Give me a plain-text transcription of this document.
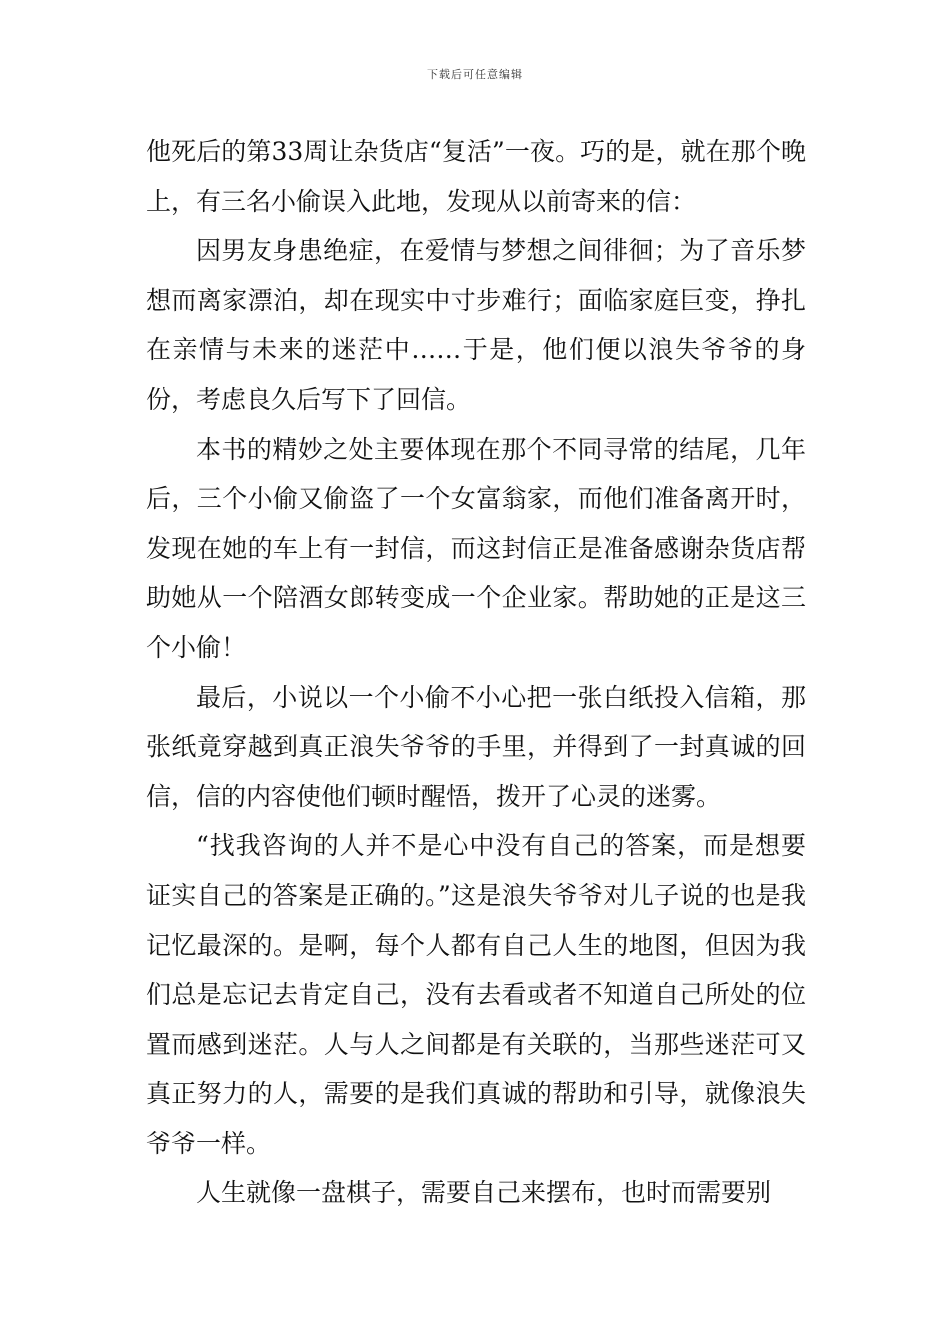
下载后可任意编辑

他死后的第33周让杂货店“复活”一夜。巧的是，就在那个晚上，有三名小偷误入此地，发现从以前寄来的信：

因男友身患绝症，在爱情与梦想之间徘徊；为了音乐梦想而离家漂泊，却在现实中寸步难行；面临家庭巨变，挣扎在亲情与未来的迷茫中……于是，他们便以浪失爷爷的身份，考虑良久后写下了回信。

本书的精妙之处主要体现在那个不同寻常的结尾，几年后，三个小偷又偷盗了一个女富翁家，而他们准备离开时，发现在她的车上有一封信，而这封信正是准备感谢杂货店帮助她从一个陪酒女郎转变成一个企业家。帮助她的正是这三个小偷！

最后，小说以一个小偷不小心把一张白纸投入信箱，那张纸竟穿越到真正浪失爷爷的手里，并得到了一封真诚的回信，信的内容使他们顿时醒悟，拨开了心灵的迷雾。

“找我咨询的人并不是心中没有自己的答案，而是想要证实自己的答案是正确的。”这是浪失爷爷对儿子说的也是我记忆最深的。是啊，每个人都有自己人生的地图，但因为我们总是忘记去肯定自己，没有去看或者不知道自己所处的位置而感到迷茫。人与人之间都是有关联的，当那些迷茫可又真正努力的人，需要的是我们真诚的帮助和引导，就像浪失爷爷一样。

人生就像一盘棋子，需要自己来摆布，也时而需要别
